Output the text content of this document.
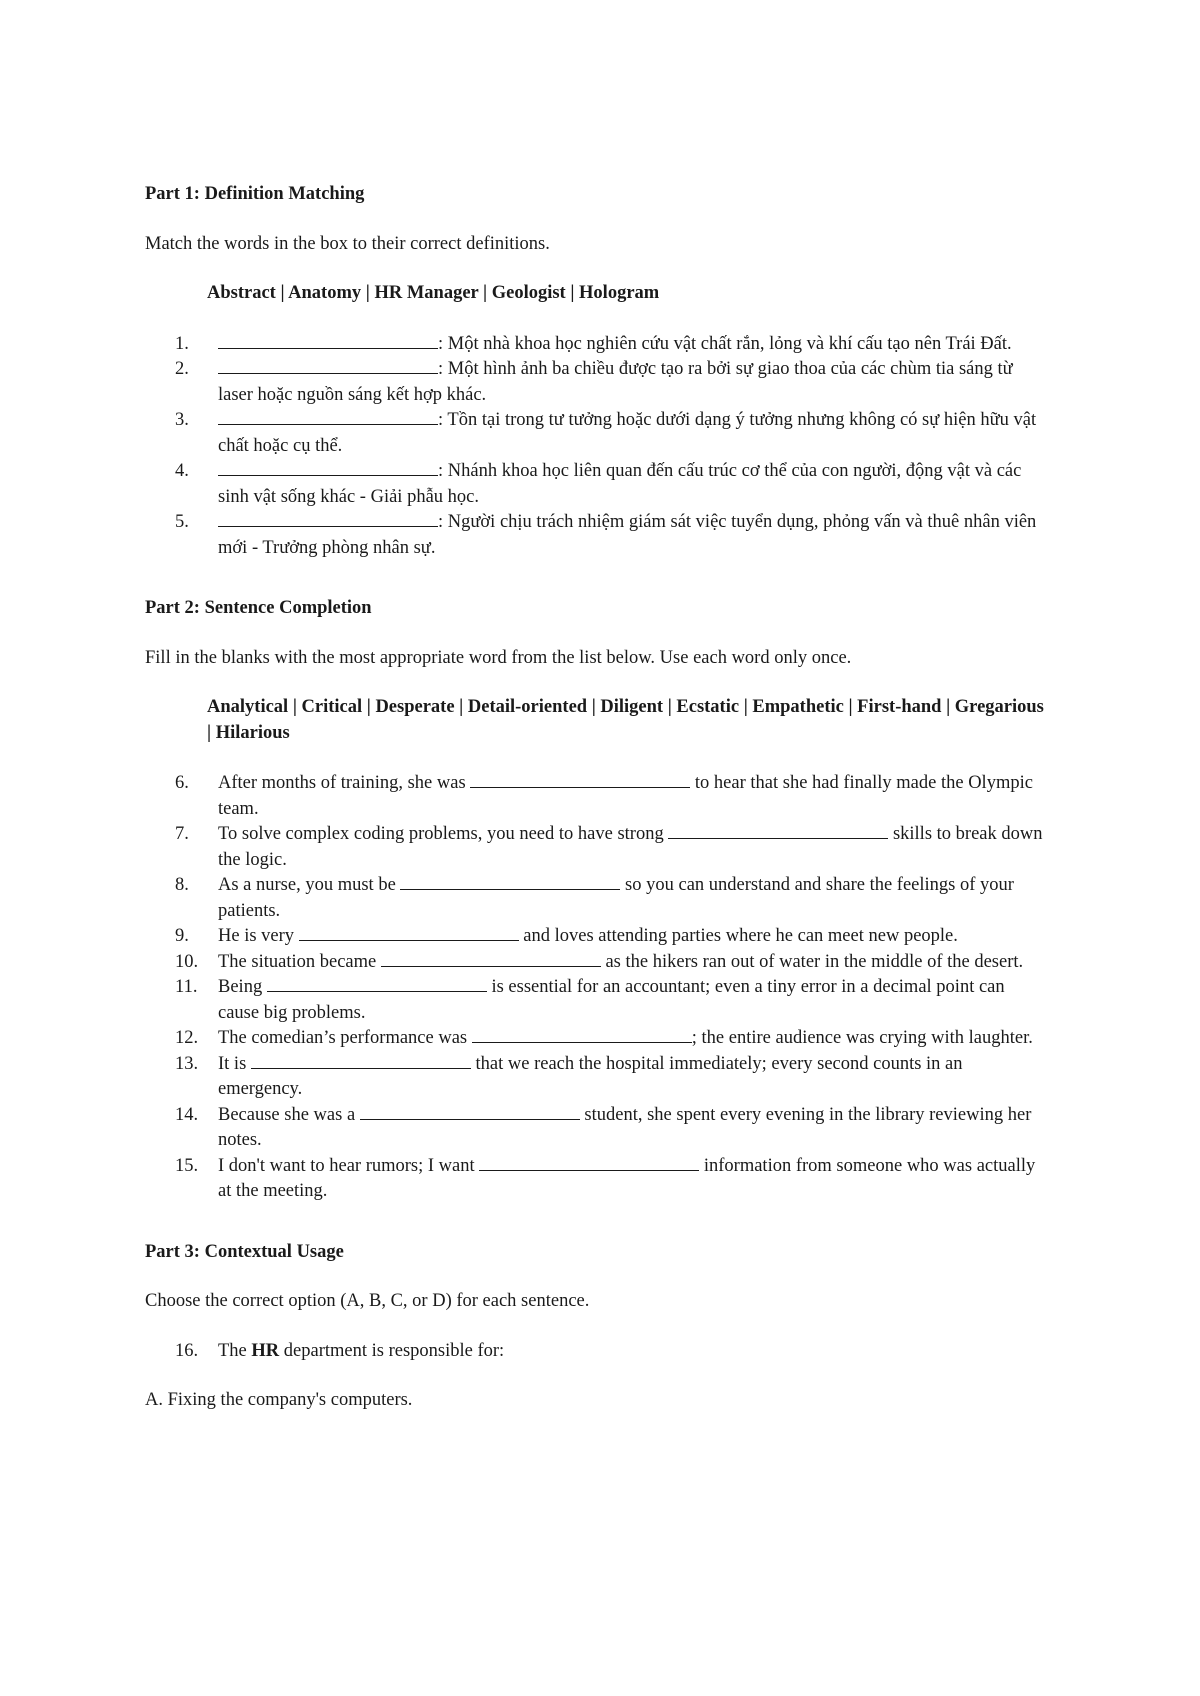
Part 1: Definition Matching

Match the words in the box to their correct definitions.

Abstract | Anatomy | HR Manager | Geologist | Hologram

1.	: Một nhà khoa học nghiên cứu vật chất rắn, lỏng và khí cấu tạo nên Trái Đất.
2.	: Một hình ảnh ba chiều được tạo ra bởi sự giao thoa của các chùm tia sáng từ laser hoặc nguồn sáng kết hợp khác.
3.	: Tồn tại trong tư tưởng hoặc dưới dạng ý tưởng nhưng không có sự hiện hữu vật chất hoặc cụ thể.
4.	: Nhánh khoa học liên quan đến cấu trúc cơ thể của con người, động vật và các sinh vật sống khác - Giải phẫu học.
5.	: Người chịu trách nhiệm giám sát việc tuyển dụng, phỏng vấn và thuê nhân viên mới - Trưởng phòng nhân sự.

Part 2: Sentence Completion

Fill in the blanks with the most appropriate word from the list below. Use each word only once.

Analytical | Critical | Desperate | Detail-oriented | Diligent | Ecstatic | Empathetic | First-hand | Gregarious | Hilarious

6.	After months of training, she was	to hear that she had finally made the Olympic team.
7.	To solve complex coding problems, you need to have strong	skills to break down the logic.
8.	As a nurse, you must be	so you can understand and share the feelings of your patients.
9.	He is very	and loves attending parties where he can meet new people.
10.	The situation became	as the hikers ran out of water in the middle of the desert.
11.	Being	is essential for an accountant; even a tiny error in a decimal point can cause big problems.
12.	The comedian’s performance was	; the entire audience was crying with laughter.
13.	It is	that we reach the hospital immediately; every second counts in an emergency.
14.	Because she was a	student, she spent every evening in the library reviewing her notes.
15.	I don't want to hear rumors; I want	information from someone who was actually at the meeting.

Part 3: Contextual Usage

Choose the correct option (A, B, C, or D) for each sentence.

16.	The HR department is responsible for:

A. Fixing the company's computers.
